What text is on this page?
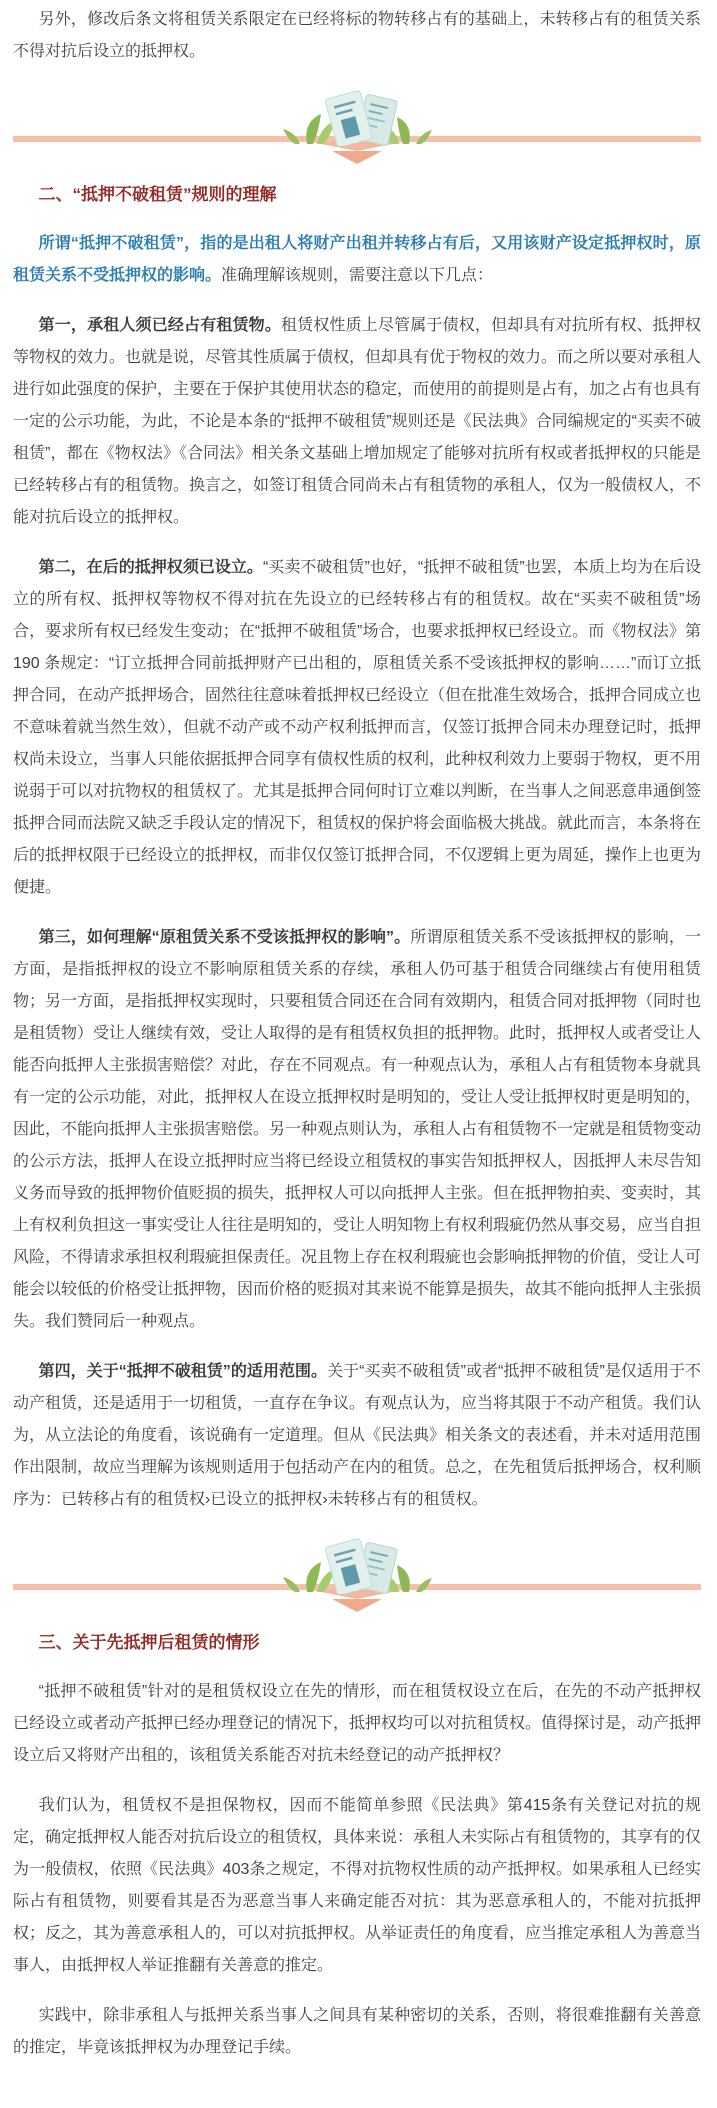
另外，修改后条文将租赁关系限定在已经将标的物转移占有的基础上，未转移占有的租赁关系不得对抗后设立的抵押权。

二、“抵押不破租赁”规则的理解

所谓“抵押不破租赁”，指的是出租人将财产出租并转移占有后，又用该财产设定抵押权时，原租赁关系不受抵押权的影响。准确理解该规则，需要注意以下几点：

第一，承租人须已经占有租赁物。租赁权性质上尽管属于债权，但却具有对抗所有权、抵押权等物权的效力。也就是说，尽管其性质属于债权，但却具有优于物权的效力。而之所以要对承租人进行如此强度的保护，主要在于保护其使用状态的稳定，而使用的前提则是占有，加之占有也具有一定的公示功能，为此，不论是本条的“抵押不破租赁”规则还是《民法典》合同编规定的“买卖不破租赁”，都在《物权法》《合同法》相关条文基础上增加规定了能够对抗所有权或者抵押权的只能是已经转移占有的租赁物。换言之，如签订租赁合同尚未占有租赁物的承租人，仅为一般债权人，不能对抗后设立的抵押权。

第二，在后的抵押权须已设立。“买卖不破租赁”也好，“抵押不破租赁”也罢，本质上均为在后设立的所有权、抵押权等物权不得对抗在先设立的已经转移占有的租赁权。故在“买卖不破租赁”场合，要求所有权已经发生变动；在“抵押不破租赁”场合，也要求抵押权已经设立。而《物权法》第190 条规定：“订立抵押合同前抵押财产已出租的，原租赁关系不受该抵押权的影响……”而订立抵押合同，在动产抵押场合，固然往往意味着抵押权已经设立（但在批准生效场合，抵押合同成立也不意味着就当然生效），但就不动产或不动产权利抵押而言，仅签订抵押合同未办理登记时，抵押权尚未设立，当事人只能依据抵押合同享有债权性质的权利，此种权利效力上要弱于物权，更不用说弱于可以对抗物权的租赁权了。尤其是抵押合同何时订立难以判断，在当事人之间恶意串通倒签抵押合同而法院又缺乏手段认定的情况下，租赁权的保护将会面临极大挑战。就此而言，本条将在后的抵押权限于已经设立的抵押权，而非仅仅签订抵押合同，不仅逻辑上更为周延，操作上也更为便捷。

第三，如何理解“原租赁关系不受该抵押权的影响”。所谓原租赁关系不受该抵押权的影响，一方面，是指抵押权的设立不影响原租赁关系的存续，承租人仍可基于租赁合同继续占有使用租赁物；另一方面，是指抵押权实现时，只要租赁合同还在合同有效期内，租赁合同对抵押物（同时也是租赁物）受让人继续有效，受让人取得的是有租赁权负担的抵押物。此时，抵押权人或者受让人能否向抵押人主张损害赔偿？对此，存在不同观点。有一种观点认为，承租人占有租赁物本身就具有一定的公示功能，对此，抵押权人在设立抵押权时是明知的，受让人受让抵押权时更是明知的，因此，不能向抵押人主张损害赔偿。另一种观点则认为，承租人占有租赁物不一定就是租赁物变动的公示方法，抵押人在设立抵押时应当将已经设立租赁权的事实告知抵押权人，因抵押人未尽告知义务而导致的抵押物价值贬损的损失，抵押权人可以向抵押人主张。但在抵押物拍卖、变卖时，其上有权利负担这一事实受让人往往是明知的，受让人明知物上有权利瑕疵仍然从事交易，应当自担风险，不得请求承担权利瑕疵担保责任。况且物上存在权利瑕疵也会影响抵押物的价值，受让人可能会以较低的价格受让抵押物，因而价格的贬损对其来说不能算是损失，故其不能向抵押人主张损失。我们赞同后一种观点。

第四，关于“抵押不破租赁”的适用范围。关于“买卖不破租赁”或者“抵押不破租赁”是仅适用于不动产租赁，还是适用于一切租赁，一直存在争议。有观点认为，应当将其限于不动产租赁。我们认为，从立法论的角度看，该说确有一定道理。但从《民法典》相关条文的表述看，并未对适用范围作出限制，故应当理解为该规则适用于包括动产在内的租赁。总之，在先租赁后抵押场合，权利顺序为：已转移占有的租赁权›已设立的抵押权›未转移占有的租赁权。

三、关于先抵押后租赁的情形

“抵押不破租赁”针对的是租赁权设立在先的情形，而在租赁权设立在后，在先的不动产抵押权已经设立或者动产抵押已经办理登记的情况下，抵押权均可以对抗租赁权。值得探讨是，动产抵押设立后又将财产出租的，该租赁关系能否对抗未经登记的动产抵押权？

我们认为，租赁权不是担保物权，因而不能简单参照《民法典》第415条有关登记对抗的规定，确定抵押权人能否对抗后设立的租赁权，具体来说：承租人未实际占有租赁物的，其享有的仅为一般债权，依照《民法典》403条之规定，不得对抗物权性质的动产抵押权。如果承租人已经实际占有租赁物，则要看其是否为恶意当事人来确定能否对抗：其为恶意承租人的，不能对抗抵押权；反之，其为善意承租人的，可以对抗抵押权。从举证责任的角度看，应当推定承租人为善意当事人，由抵押权人举证推翻有关善意的推定。

实践中，除非承租人与抵押关系当事人之间具有某种密切的关系，否则，将很难推翻有关善意的推定，毕竟该抵押权为办理登记手续。
